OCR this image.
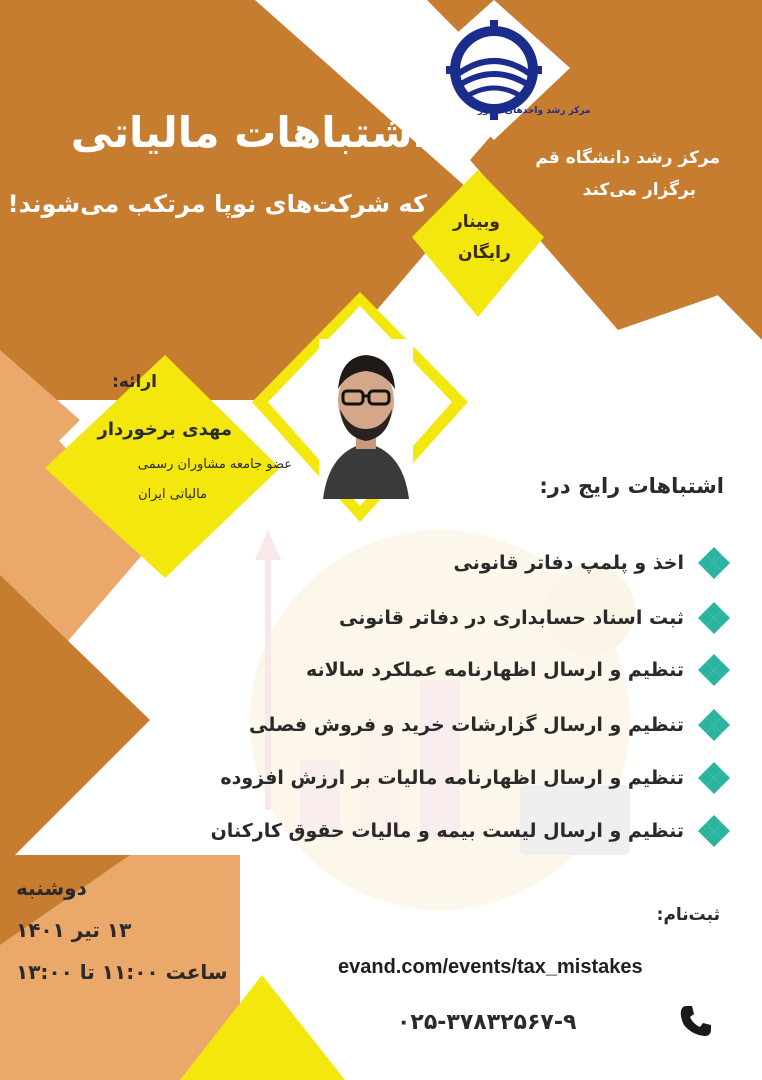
مرکز رشد واحدهای فناور
اشتباهات مالیاتی
که شرکت‌های نوپا مرتکب می‌شوند!

مرکز رشد دانشگاه قم

برگزار می‌کند

وبینار

رایگان

ارائه:

مهدی برخوردار

عضو جامعه مشاوران رسمی

مالیاتی ایران	اشتباهات رایج در:

اخذ و پلمپ دفاتر قانونی
ثبت اسناد حسابداری در دفاتر قانونی
تنظیم و ارسال اظهارنامه عملکرد سالانه
تنظیم و ارسال گزارشات خرید و فروش فصلی
تنظیم و ارسال اظهارنامه مالیات بر ارزش افزوده
تنظیم و ارسال لیست بیمه و مالیات حقوق کارکنان

دوشنبه

۱۳ تیر ۱۴۰۱

ساعت ۱۱:۰۰ تا ۱۳:۰۰

ثبت‌نام:

evand.com/events/tax_mistakes

۰۲۵-۳۷۸۳۲۵۶۷-۹
